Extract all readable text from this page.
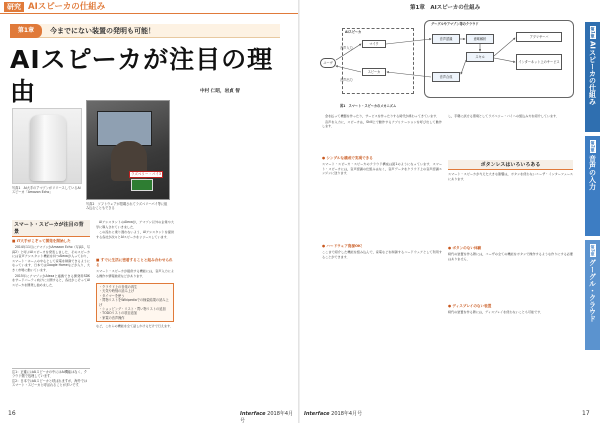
研究 AIスピーカの仕組み
第1章	今までにない装置の発明も可能！
AIスピーカが注目の理由	中村 仁昭，岩貞 智
写真1　AI大手のアマゾンがリリースしているAIスピーカ「Amazon Echo」
ラズベリー・パイ3
写真2　ソフトウェアが搭載されてラズベリーパイ等に組み込むこともできる
スマート・スピーカが注目の背景
■ IT大手がこぞって開発を開始した

2014年11月にアマゾンがAmazon Echo（写真1，写真2）と呼ぶAIスピーカを発表しました．そのスピーカには音声アシスタント機能を持つAlexaが入っており，スマート・ホームの中心として家電を制御できるようになっています．日本ではGoogle Homeなどが入り，大きく市場に動いています．

2015年にアマゾンがAlexaと連携できる開発用SDKをサードパーティ向けに公開すると，各社がこぞってAIスピーカを開発し始めました．

注1：正確にはAIスピーカの中にはAI機能はなく，クラウド側で処理しています．
注2：日本ではAIスピーカと呼ばれますが，海外ではスマート・スピーカと呼ばれることが多いです．

AIアシスタントのAlexaが，アマゾン以外の企業や大学に導入されていきました．

この流れに乗り遅れないよう，AIアシスタントを提供する各社が次々とAIスピーカをリリースしています．

■ すでに生活に密着することと組み合わせられる
スマート・スピーカが提供する機能には，音声入力による操作や情報検索などがあります．
・クラウド上の音楽の再生
・天気や時刻の読み上げ
・タイマーを使う
・買物リストをWikipediaでの検索結果の読み上げ
・ショッピング・リスト・買い物リストの追加
・TODOリストの項目追加
・家電の音声操作
など，これらの機能を全て話しかけるだけで行えます．
16	Interface 2018年4月号
第1章　AIスピーカの仕組み
ユーザ
AIスピーカ
マイク
スピーカ
音声入力
音声出力
グーグルやアマゾン等のクラウド
音声認識	意味解析
スキル
音声合成
アプリサーバ
インターネット上のサービス
図1　スマート・スピーカのメカニズム

金を払って機器を作ったり，サービスを作ったりする時代が終わってきています．

音声を入力に，スピーカは，Skill上で動作するアプリケーションを呼び出して動作します．

● シンプルな構成で実現できる
スマート・スピーカ・スピーカのクラウド構成は図1のようになっています．スマート・スピーカには，音声認識の仕組みはなく，音声データをクラウド上の音声認識エンジンに送ります．
● ハードウェア資源OK！
ここまで紹介した機能を組み込んで，家電などを制御するハードウェアとして利用することができます．
し，手軽に試せる環境としてラズベリー・パイへの組込み方を紹介しています．
ボタンレスはいろいろある
スマート・スピーカが与えた大きな影響は，ボタンを使わないユーザ・インターフェースにあります．
● ボタンのない体験
時代の装置を作る際には，ユーザの全ての機能をボタンで操作するような作りにする必要はありません．
● ディスプレイのない装置
時代の装置を作る際には，ディスプレイを使わないことも可能です．
第1章
AIスピーカの仕組み
第2章
音声の入力
第3章
グーグル・クラウド
Interface 2018年4月号	17
